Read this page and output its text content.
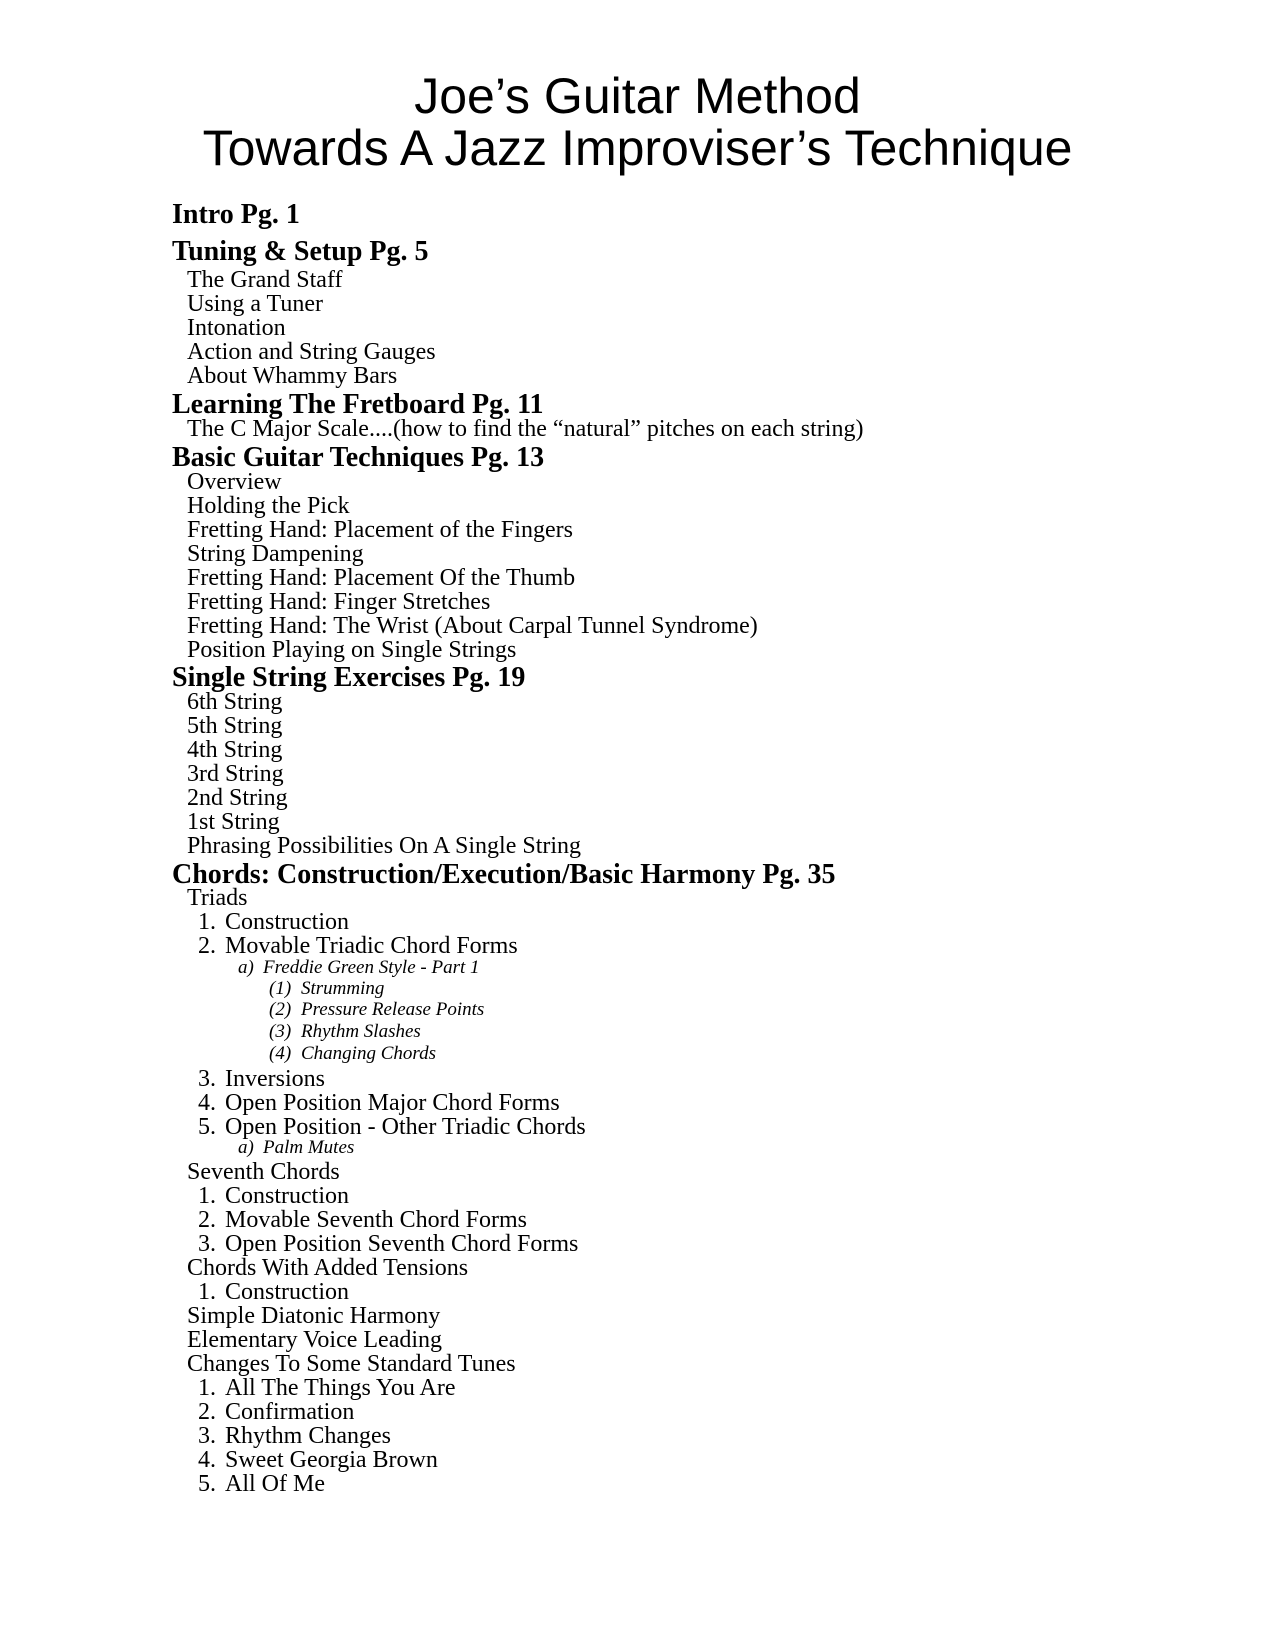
Joe’s Guitar Method
Towards A Jazz Improviser’s Technique
Intro Pg. 1
Tuning & Setup Pg. 5
The Grand Staff
Using a Tuner
Intonation
Action and String Gauges
About Whammy Bars
Learning The Fretboard Pg. 11
The C Major Scale....(how to find the “natural” pitches on each string)
Basic Guitar Techniques Pg. 13
Overview
Holding the Pick
Fretting Hand: Placement of the Fingers
String Dampening
Fretting Hand: Placement Of the Thumb
Fretting Hand: Finger Stretches
Fretting Hand: The Wrist (About Carpal Tunnel Syndrome)
Position Playing on Single Strings
Single String Exercises Pg. 19
6th String
5th String
4th String
3rd String
2nd String
1st String
Phrasing Possibilities On A Single String
Chords: Construction/Execution/Basic Harmony Pg. 35
Triads
1. Construction
2. Movable Triadic Chord Forms
a) Freddie Green Style - Part 1
(1) Strumming
(2) Pressure Release Points
(3) Rhythm Slashes
(4) Changing Chords
3. Inversions
4. Open Position Major Chord Forms
5. Open Position - Other Triadic Chords
a) Palm Mutes
Seventh Chords
1. Construction
2. Movable Seventh Chord Forms
3. Open Position Seventh Chord Forms
Chords With Added Tensions
1. Construction
Simple Diatonic Harmony
Elementary Voice Leading
Changes To Some Standard Tunes
1. All The Things You Are
2. Confirmation
3. Rhythm Changes
4. Sweet Georgia Brown
5. All Of Me
